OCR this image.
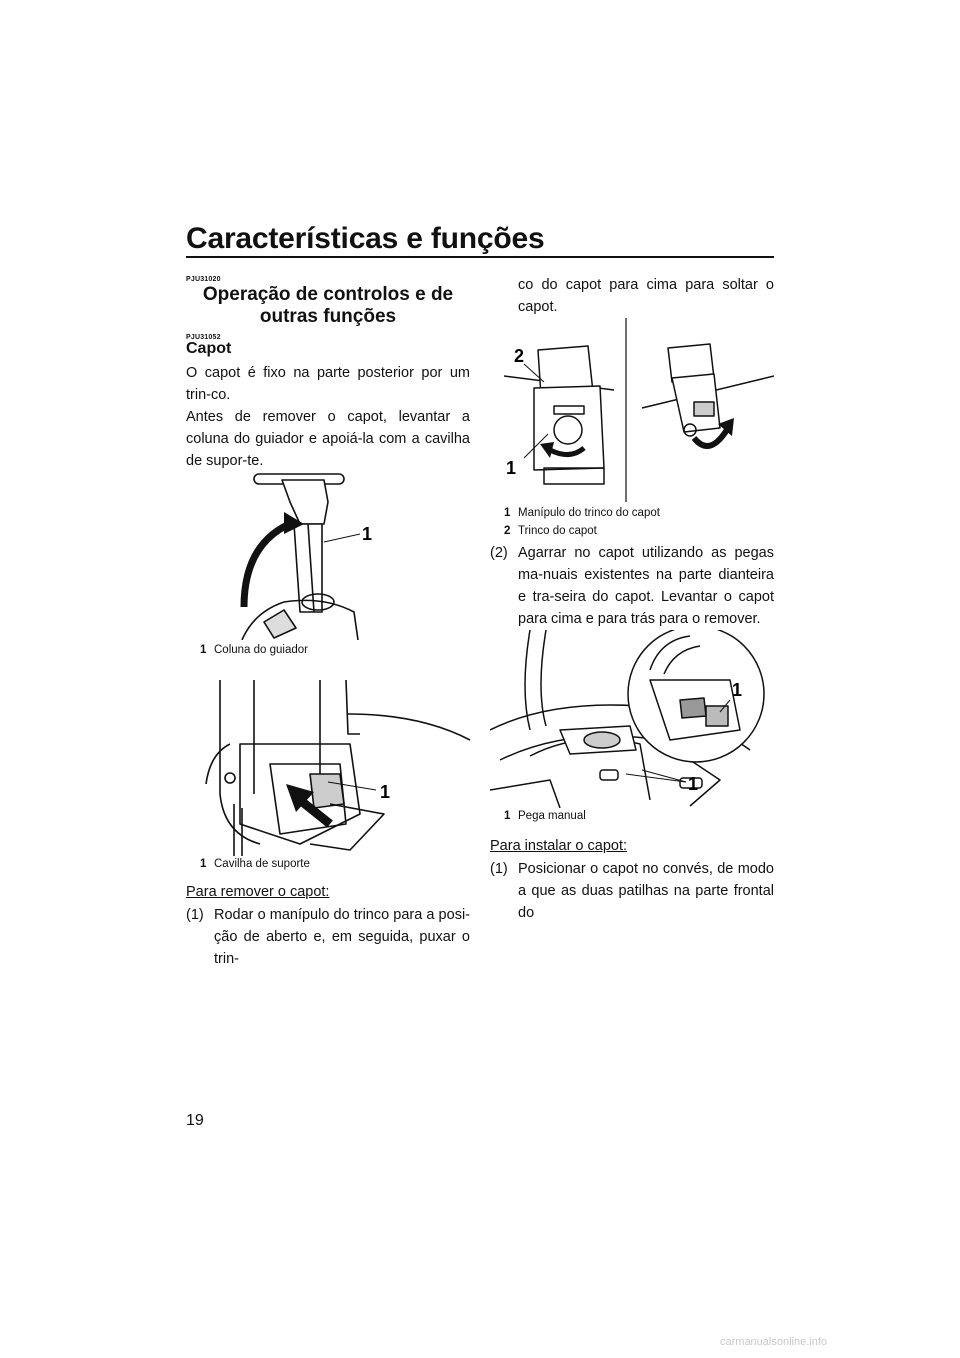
Características e funções
PJU31020
Operação de controlos e de
outras funções
PJU31052
Capot
O capot é fixo na parte posterior por um trin-co.
Antes de remover o capot, levantar a coluna do guiador e apoiá-la com a cavilha de supor-te.
1
1 Coluna do guiador
1
1 Cavilha de suporte
Para remover o capot:
(1) Rodar o manípulo do trinco para a posi-ção de aberto e, em seguida, puxar o trin-
co do capot para cima para soltar o capot.
1
2
1 Manípulo do trinco do capot
2 Trinco do capot
(2) Agarrar no capot utilizando as pegas ma-nuais existentes na parte dianteira e tra-seira do capot. Levantar o capot para cima e para trás para o remover.
1
1
1 Pega manual
Para instalar o capot:
(1) Posicionar o capot no convés, de modo a que as duas patilhas na parte frontal do
19
carmanualsonline.info
